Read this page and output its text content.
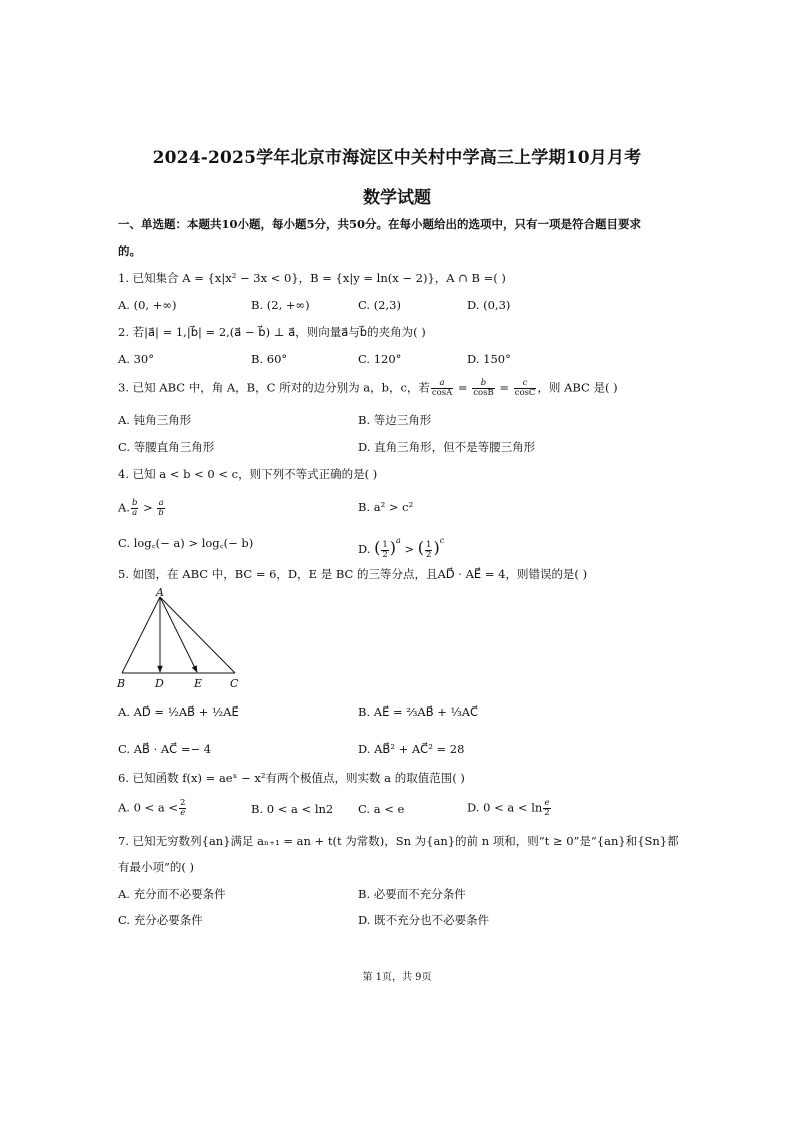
2024-2025学年北京市海淀区中关村中学高三上学期10月月考
数学试题
一、单选题：本题共10小题，每小题5分，共50分。在每小题给出的选项中，只有一项是符合题目要求
的。
1. 已知集合 A = {x|x² − 3x < 0}，B = {x|y = ln(x − 2)}，A ∩ B =( )
A. (0, +∞)	B. (2, +∞)	C. (2,3)	D. (0,3)
2. 若|a⃗| = 1,|b⃗| = 2,(a⃗ − b⃗) ⊥ a⃗，则向量a⃗与b⃗的夹角为( )
A. 30°	B. 60°	C. 120°	D. 150°
3. 已知 ABC 中，角 A，B，C 所对的边分别为 a，b，c，若 $\frac{a}{\cos A} = \frac{b}{\cos B} = \frac{c}{\cos C}$ ，则 ABC 是( )
A. 钝角三角形	B. 等边三角形
C. 等腰直角三角形	D. 直角三角形，但不是等腰三角形
4. 已知 a < b < 0 < c，则下列不等式正确的是( )
A. $\frac{b}{a} > \frac{a}{b}$	B. a² > c²
C. log꜀(− a) > log꜀(− b)	D. ( $\frac{1}{2} )^a$ > ( $\frac{1}{2} )^c$
5. 如图，在 ABC 中，BC = 6，D，E 是 BC 的三等分点，且AD⃗ · AE⃗ = 4，则错误的是( )
A
B	D	E	C
A. AD⃗ = ½AB⃗ + ½AE⃗	B. AE⃗ = ⅔AB⃗ + ⅓AC⃗
C. AB⃗ · AC⃗ =− 4	D. AB⃗² + AC⃗² = 28
6. 已知函数 f(x) = aeˣ − x²有两个极值点，则实数 a 的取值范围( )
A. $0 < a < \frac{2}{e}$	B. 0 < a < ln2 C. a < e	D. $0 < a < \ln \frac{e}{2}$
7. 已知无穷数列{an}满足 aₙ₊₁ = an + t(t 为常数)，Sn 为{an}的前 n 项和，则“t ≥ 0”是“{an}和{Sn}都
有最小项”的( )
A. 充分而不必要条件	B. 必要而不充分条件
C. 充分必要条件	D. 既不充分也不必要条件
第 1页，共 9页
